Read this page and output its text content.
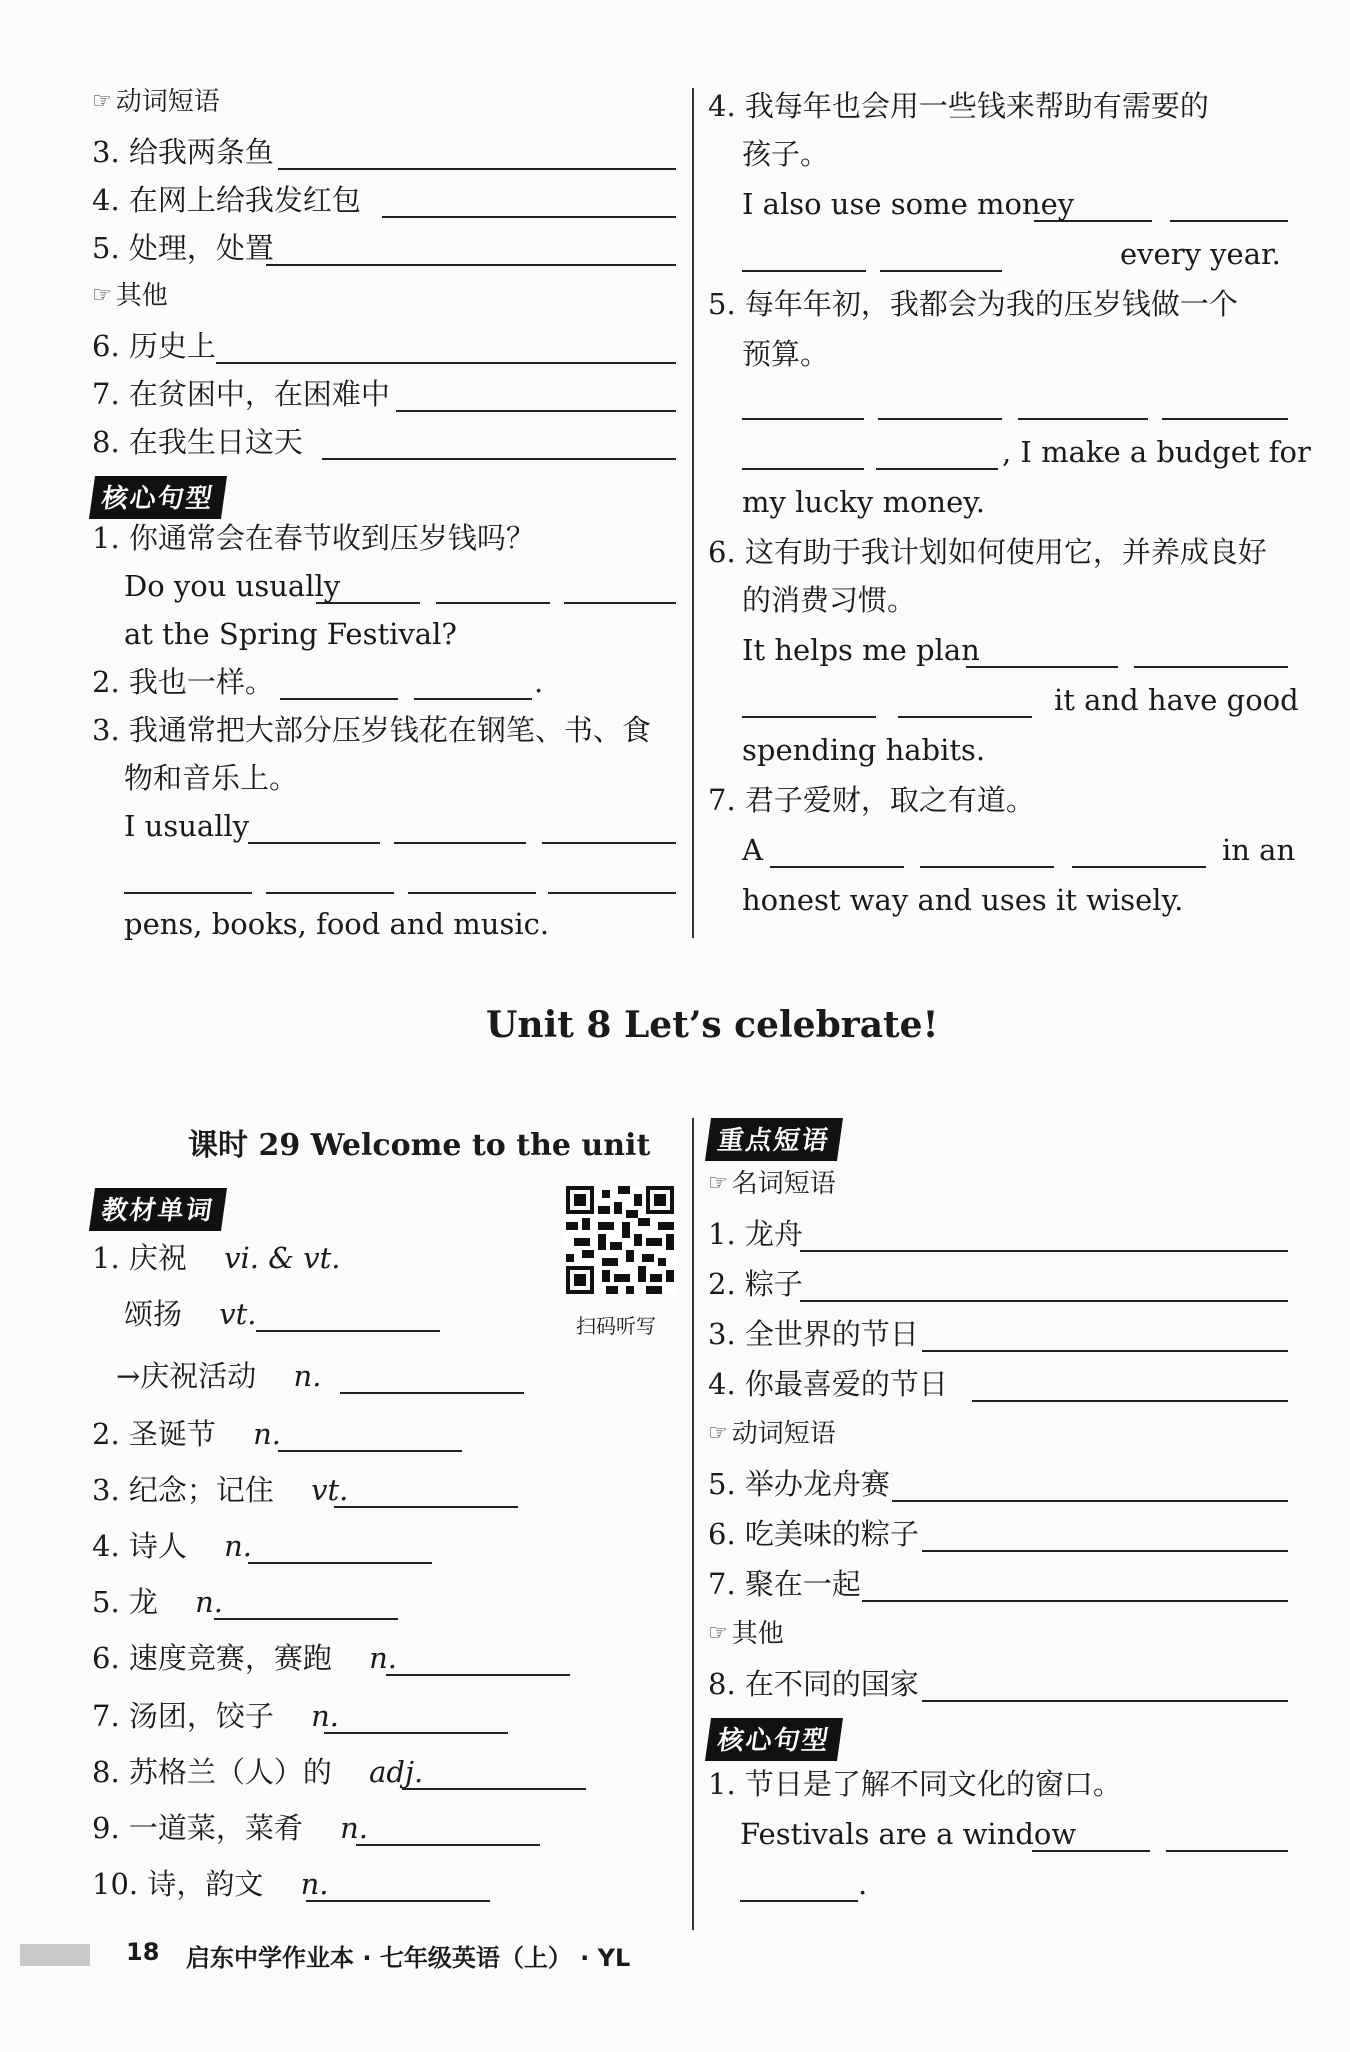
☞ 动词短语
3. 给我两条鱼
4. 在网上给我发红包
5. 处理，处置
☞ 其他
6. 历史上
7. 在贫困中，在困难中
8. 在我生日这天
核心句型
1. 你通常会在春节收到压岁钱吗？
Do you usually
at the Spring Festival?
2. 我也一样。	.
3. 我通常把大部分压岁钱花在钢笔、书、食
物和音乐上。
I usually
pens, books, food and music.
4. 我每年也会用一些钱来帮助有需要的
孩子。
I also use some money
every year.
5. 每年年初，我都会为我的压岁钱做一个
预算。
, I make a budget for
my lucky money.
6. 这有助于我计划如何使用它，并养成良好
的消费习惯。
It helps me plan
it and have good
spending habits.
7. 君子爱财，取之有道。
A	in an
honest way and uses it wisely.
Unit 8 Let’s celebrate!
课时 29 Welcome to the unit
教材单词
扫码听写
1. 庆祝 vi. & vt.
颂扬 vt.
→庆祝活动 n.
2. 圣诞节 n.
3. 纪念；记住 vt.
4. 诗人 n.
5. 龙 n.
6. 速度竞赛，赛跑 n.
7. 汤团，饺子 n.
8. 苏格兰（人）的 adj.
9. 一道菜，菜肴 n.
10. 诗，韵文 n.
重点短语
☞ 名词短语
1. 龙舟
2. 粽子
3. 全世界的节日
4. 你最喜爱的节日
☞ 动词短语
5. 举办龙舟赛
6. 吃美味的粽子
7. 聚在一起
☞ 其他
8. 在不同的国家
核心句型
1. 节日是了解不同文化的窗口。
Festivals are a window
.
18 启东中学作业本 · 七年级英语（上） · YL
